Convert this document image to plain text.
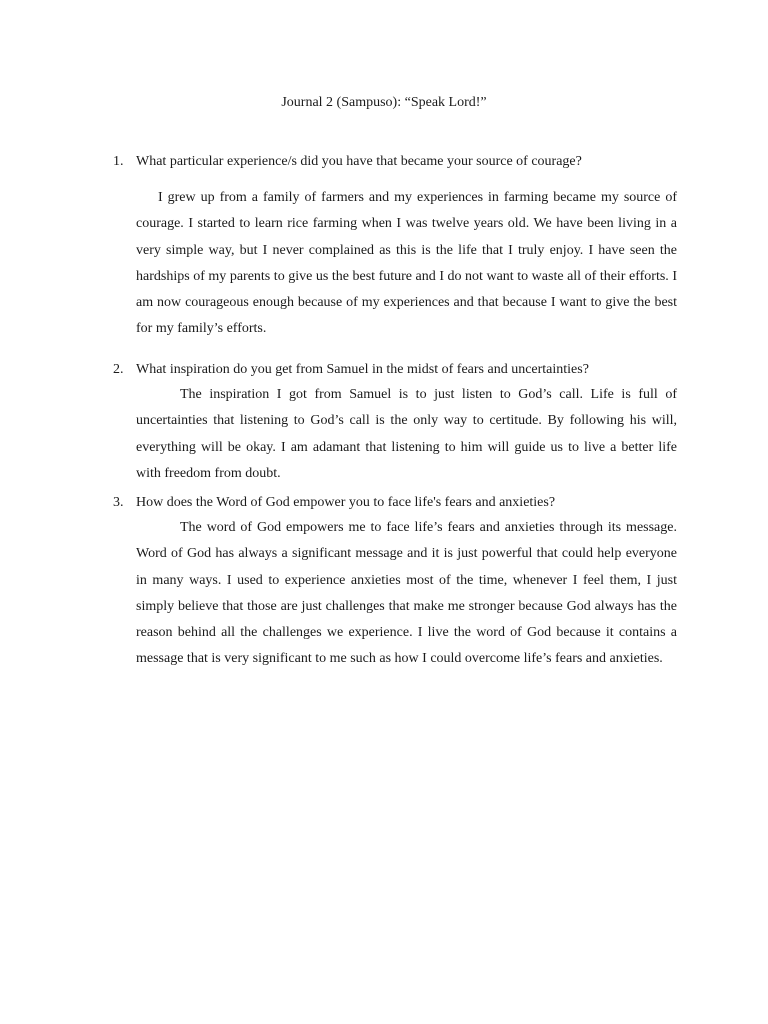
Journal 2 (Sampuso): “Speak Lord!”
1. What particular experience/s did you have that became your source of courage?
I grew up from a family of farmers and my experiences in farming became my source of courage. I started to learn rice farming when I was twelve years old. We have been living in a very simple way, but I never complained as this is the life that I truly enjoy. I have seen the hardships of my parents to give us the best future and I do not want to waste all of their efforts. I am now courageous enough because of my experiences and that because I want to give the best for my family’s efforts.
2. What inspiration do you get from Samuel in the midst of fears and uncertainties?
The inspiration I got from Samuel is to just listen to God’s call. Life is full of uncertainties that listening to God’s call is the only way to certitude. By following his will, everything will be okay. I am adamant that listening to him will guide us to live a better life with freedom from doubt.
3. How does the Word of God empower you to face life's fears and anxieties?
The word of God empowers me to face life’s fears and anxieties through its message. Word of God has always a significant message and it is just powerful that could help everyone in many ways. I used to experience anxieties most of the time, whenever I feel them, I just simply believe that those are just challenges that make me stronger because God always has the reason behind all the challenges we experience. I live the word of God because it contains a message that is very significant to me such as how I could overcome life’s fears and anxieties.
